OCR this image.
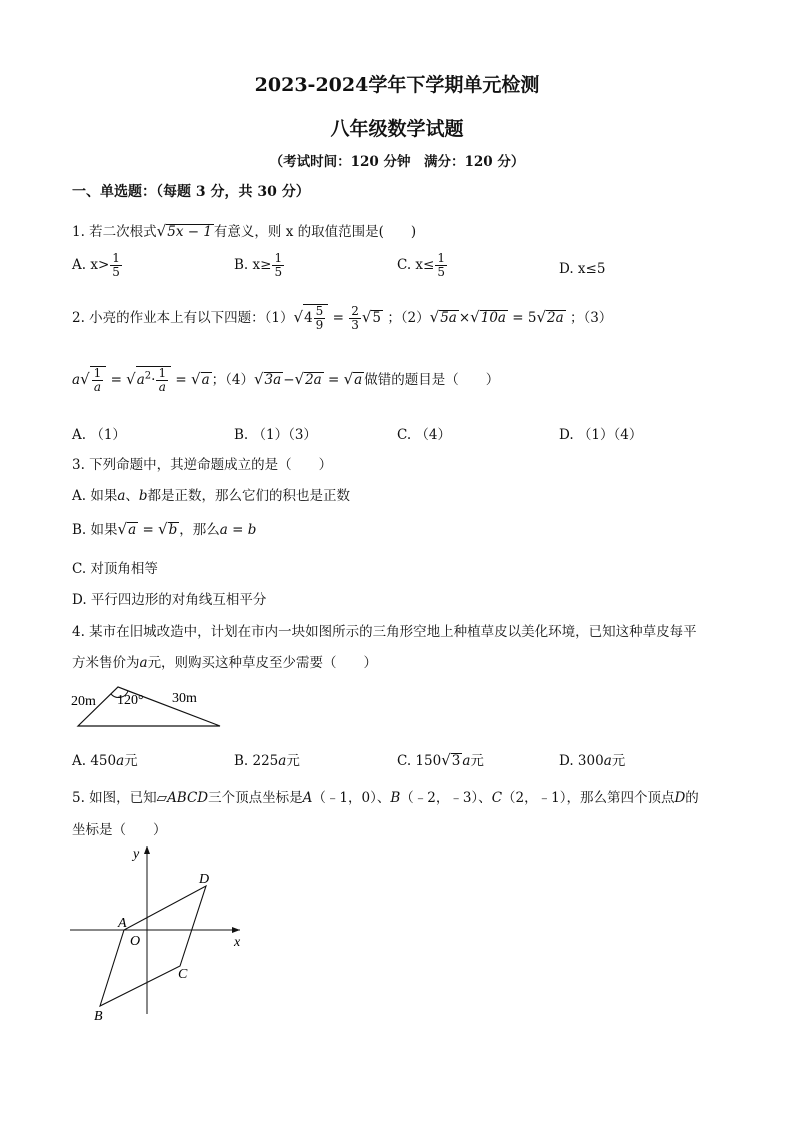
2023-2024学年下学期单元检测
八年级数学试题
（考试时间：120 分钟　满分：120 分）
一、单选题：（每题 3 分，共 30 分）
1. 若二次根式√5x − 1 有意义，则 x 的取值范围是(　　)
A. $x> \frac{1}{5}$	B. $x\ge \frac{1}{5}$	C. $x\le \frac{1}{5}$	D. x≤5
2. 小亮的作业本上有以下四题：$(1)√4 \frac{5}{9} = \frac{2}{3} √5$ ；（2）√5a ×√10a = 5√2a ；（3）
$a√ \frac{1}{a} = √a^2\cdot \frac{1}{a} = √a$ ；（4）√3a −√2a = √a 做错的题目是（　　）
A. （1）	B. （1）（3）	C. （4）	D. （1）（4）
3. 下列命题中，其逆命题成立的是（　　）
A. 如果a、b都是正数，那么它们的积也是正数
B. 如果√a = √b ，那么a = b
C. 对顶角相等
D. 平行四边形的对角线互相平分
4. 某市在旧城改造中，计划在市内一块如图所示的三角形空地上种植草皮以美化环境，已知这种草皮每平
方米售价为a元，则购买这种草皮至少需要（　　）
20m 120° 30m
A. 450a元	B. 225a元	C. 150√3 a元	D. 300a元
5. 如图，已知▱ABCD三个顶点坐标是A（﹣1，0）、B（﹣2，﹣3）、C（2，﹣1），那么第四个顶点D的
坐标是（　　）
y
x
O
A
B
C
D
